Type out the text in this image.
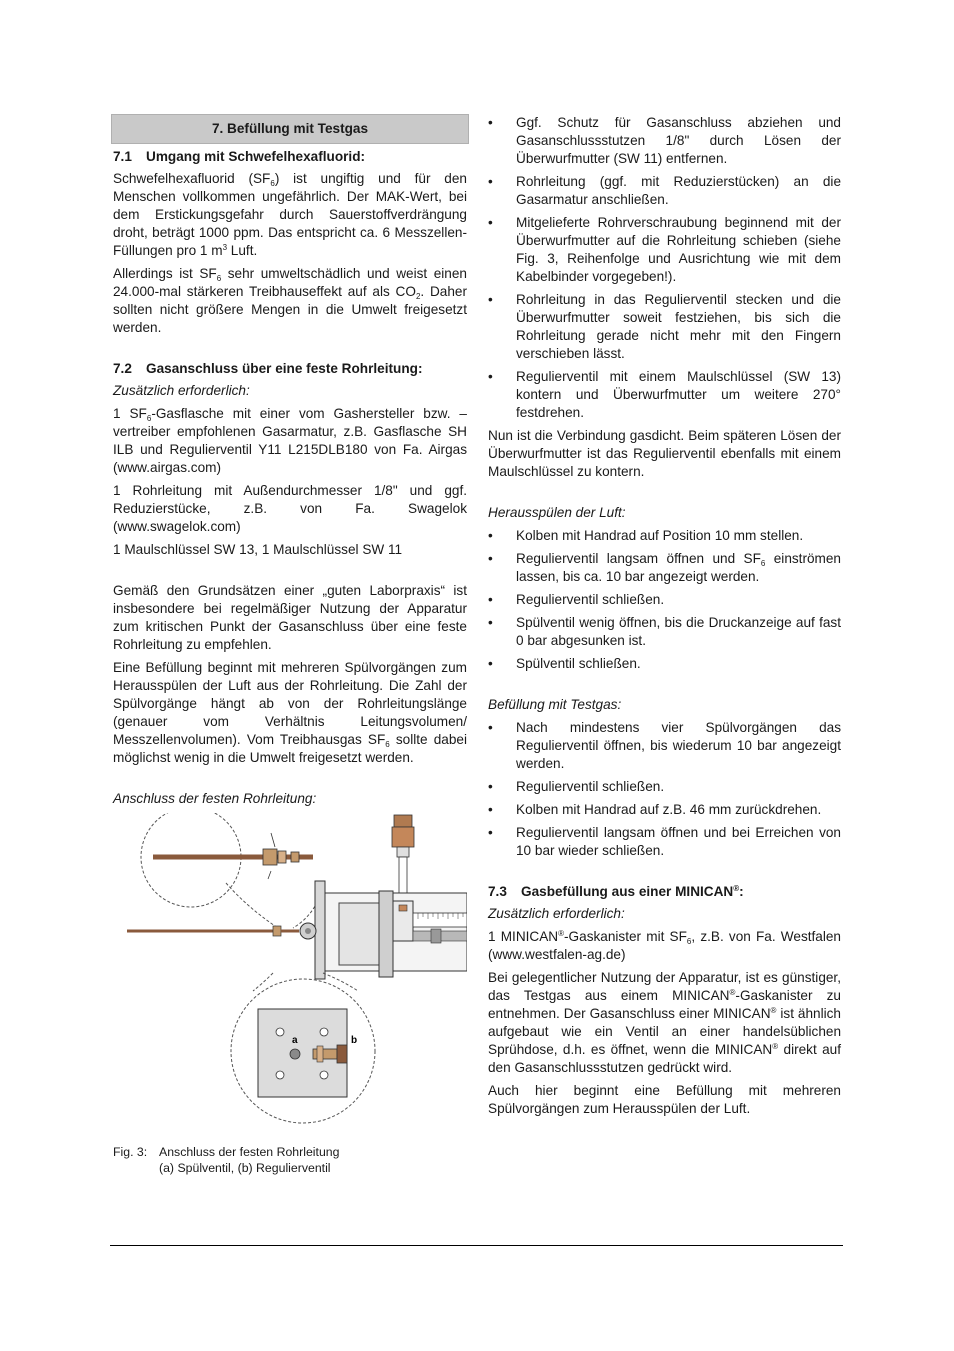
7. Befüllung mit Testgas
7.1 Umgang mit Schwefelhexafluorid:

Schwefelhexafluorid $(SF_6)$ ist ungiftig und für den Menschen vollkommen ungefährlich. Der MAK-Wert, bei dem Erstickungsgefahr durch Sauerstoffverdrängung droht, beträgt 1000 ppm. Das entspricht ca. 6 Messzellen-Füllungen pro 1 $m^3$ Luft.

Allerdings ist $SF_6$ sehr umweltschädlich und weist einen 24.000-mal stärkeren Treibhauseffekt auf als $CO_2$. Daher sollten nicht größere Mengen in die Umwelt freigesetzt werden.

7.2 Gasanschluss über eine feste Rohrleitung:
Zusätzlich erforderlich:

1 $SF_6$-Gasflasche mit einer vom Gashersteller bzw. –vertreiber empfohlenen Gasarmatur, z.B. Gasflasche SH ILB und Regulierventil Y11 L215DLB180 von Fa. Airgas (www.airgas.com)

1 Rohrleitung mit Außendurchmesser 1/8" und ggf. Reduzierstücke, z.B. von Fa. Swagelok (www.swagelok.com)

1 Maulschlüssel SW 13, 1 Maulschlüssel SW 11

Gemäß den Grundsätzen einer „guten Laborpraxis“ ist insbesondere bei regelmäßiger Nutzung der Apparatur zum kritischen Punkt der Gasanschluss über eine feste Rohrleitung zu empfehlen.

Eine Befüllung beginnt mit mehreren Spülvorgängen zum Herausspülen der Luft aus der Rohrleitung. Die Zahl der Spülvorgänge hängt ab von der Rohrleitungslänge (genauer vom Verhältnis Leitungsvolumen/ Messzellenvolumen). Vom Treibhausgas $SF_6$ sollte dabei möglichst wenig in die Umwelt freigesetzt werden.

Anschluss der festen Rohrleitung:
a	b
Fig. 3: Anschluss der festen Rohrleitung
(a) Spülventil, (b) Regulierventil
• Ggf. Schutz für Gasanschluss abziehen und Gasanschlussstutzen 1/8" durch Lösen der Überwurfmutter (SW 11) entfernen.
• Rohrleitung (ggf. mit Reduzierstücken) an die Gasarmatur anschließen.
• Mitgelieferte Rohrverschraubung beginnend mit der Überwurfmutter auf die Rohrleitung schieben (siehe Fig. 3, Reihenfolge und Ausrichtung wie mit dem Kabelbinder vorgegeben!).
• Rohrleitung in das Regulierventil stecken und die Überwurfmutter soweit festziehen, bis sich die Rohrleitung gerade nicht mehr mit den Fingern verschieben lässt.
• Regulierventil mit einem Maulschlüssel (SW 13) kontern und Überwurfmutter um weitere 270° festdrehen.

Nun ist die Verbindung gasdicht. Beim späteren Lösen der Überwurfmutter ist das Regulierventil ebenfalls mit einem Maulschlüssel zu kontern.

Herausspülen der Luft:
• Kolben mit Handrad auf Position 10 mm stellen.
• Regulierventil langsam öffnen und $SF_6$ einströmen lassen, bis ca. 10 bar angezeigt werden.
• Regulierventil schließen.
• Spülventil wenig öffnen, bis die Druckanzeige auf fast 0 bar abgesunken ist.
• Spülventil schließen.
Befüllung mit Testgas:
• Nach mindestens vier Spülvorgängen das Regulierventil öffnen, bis wiederum 10 bar angezeigt werden.
• Regulierventil schließen.
• Kolben mit Handrad auf z.B. 46 mm zurückdrehen.
• Regulierventil langsam öffnen und bei Erreichen von 10 bar wieder schließen.
7.3 Gasbefüllung aus einer MINICAN®:
Zusätzlich erforderlich:

1 MINICAN®-Gaskanister mit $SF_6$, z.B. von Fa. Westfalen (www.westfalen-ag.de)

Bei gelegentlicher Nutzung der Apparatur, ist es günstiger, das Testgas aus einem MINICAN®-Gaskanister zu entnehmen. Der Gasanschluss einer MINICAN® ist ähnlich aufgebaut wie ein Ventil an einer handelsüblichen Sprühdose, d.h. es öffnet, wenn die MINICAN® direkt auf den Gasanschlussstutzen gedrückt wird.

Auch hier beginnt eine Befüllung mit mehreren Spülvorgängen zum Herausspülen der Luft.
